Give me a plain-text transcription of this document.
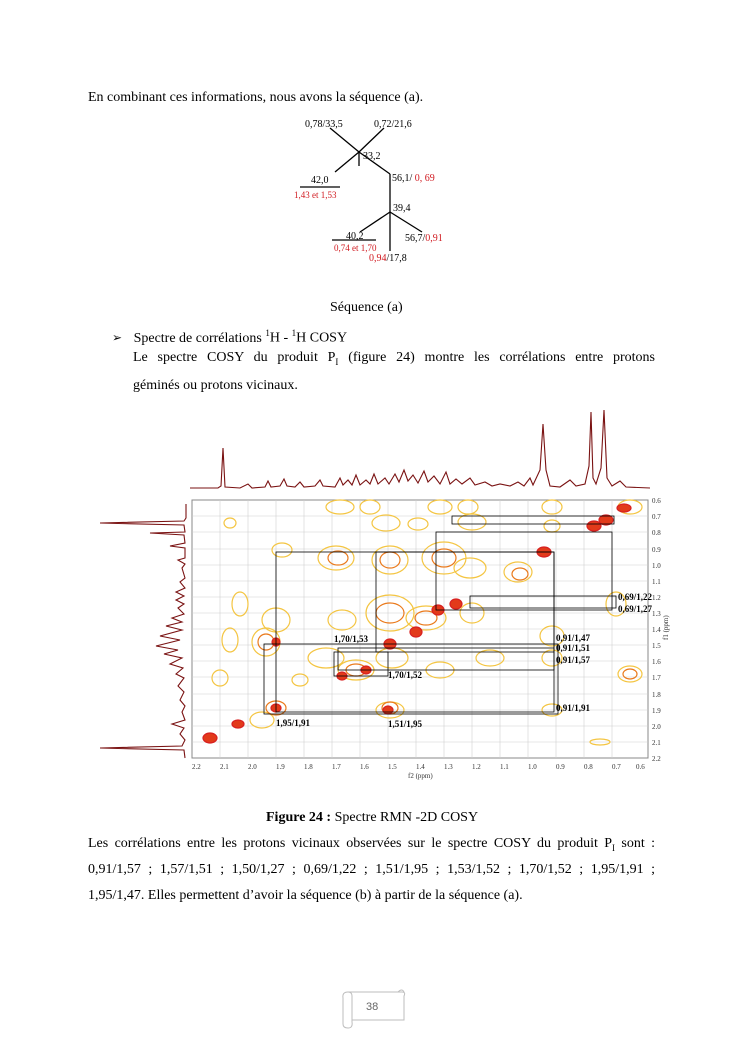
En combinant ces informations, nous avons la séquence (a).
0,78/33,5	0,72/21,6
33,2
42,0
1,43 et 1,53
56,1/ 0, 69
39,4
40,2
0,74 et 1,70
56,7/0,91
0,94/17,8
Séquence (a)
➢ Spectre de corrélations $^1$H - $^1$H COSY
Le spectre COSY du produit $P_I$ (figure 24) montre les corrélations entre protons
géminés ou protons vicinaux.
0,69/1,22
0,69/1,27
0,91/1,47
0,91/1,51
0,91/1,57
1,70/1,53
1,70/1,52
0,91/1,91
1,95/1,91	1,51/1,95
2.2	2.1	2.0	1.9	1.8	1.7	1.6	1.5	1.4	1.3	1.2	1.1	1.0	0.9	0.8	0.7 0.6
f2 (ppm)
0.6
0.7
0.8
0.9
1.0
1.1
1.2
1.3
1.4
1.5
1.6
1.7
1.8
1.9
2.0
2.1
2.2
f1 (ppm)
Figure 24 : Spectre RMN -2D COSY
Les corrélations entre les protons vicinaux observées sur le spectre COSY du produit $P_I$ sont :
0,91/1,57 ; 1,57/1,51 ; 1,50/1,27 ; 0,69/1,22 ; 1,51/1,95 ; 1,53/1,52 ; 1,70/1,52 ; 1,95/1,91 ;
1,95/1,47. Elles permettent d’avoir la séquence (b) à partir de la séquence (a).
38
